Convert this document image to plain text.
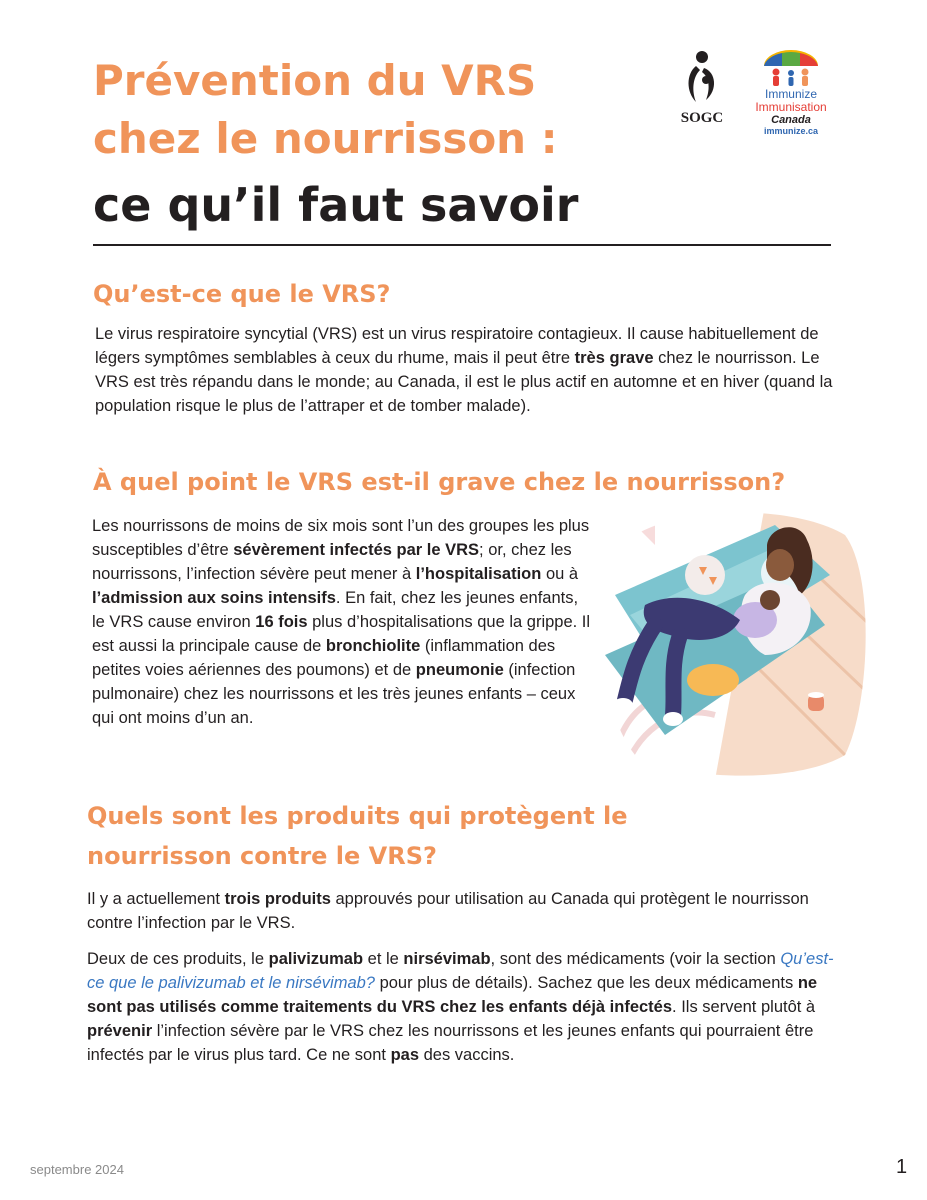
Prévention du VRS
chez le nourrisson :
ce qu’il faut savoir
SOGC
Immunize
Immunisation
Canada
immunize.ca
Qu’est-ce que le VRS?

Le virus respiratoire syncytial (VRS) est un virus respiratoire contagieux. Il cause habituellement de légers symptômes semblables à ceux du rhume, mais il peut être très grave chez le nourrisson. Le VRS est très répandu dans le monde; au Canada, il est le plus actif en automne et en hiver (quand la population risque le plus de l’attraper et de tomber malade).

À quel point le VRS est-il grave chez le nourrisson?

Les nourrissons de moins de six mois sont l’un des groupes les plus susceptibles d’être sévèrement infectés par le VRS; or, chez les nourrissons, l’infection sévère peut mener à l’hospitalisation ou à l’admission aux soins intensifs. En fait, chez les jeunes enfants, le VRS cause environ 16 fois plus d’hospitalisations que la grippe. Il est aussi la principale cause de bronchiolite (inflammation des petites voies aériennes des poumons) et de pneumonie (infection pulmonaire) chez les nourrissons et les très jeunes enfants – ceux qui ont moins d’un an.

Quels sont les produits qui protègent le nourrisson contre le VRS?

Il y a actuellement trois produits approuvés pour utilisation au Canada qui protègent le nourrisson contre l’infection par le VRS.

Deux de ces produits, le palivizumab et le nirsévimab, sont des médicaments (voir la section Qu’est-ce que le palivizumab et le nirsévimab? pour plus de détails). Sachez que les deux médicaments ne sont pas utilisés comme traitements du VRS chez les enfants déjà infectés. Ils servent plutôt à prévenir l’infection sévère par le VRS chez les nourrissons et les jeunes enfants qui pourraient être infectés par le virus plus tard. Ce ne sont pas des vaccins.

septembre 2024	1
